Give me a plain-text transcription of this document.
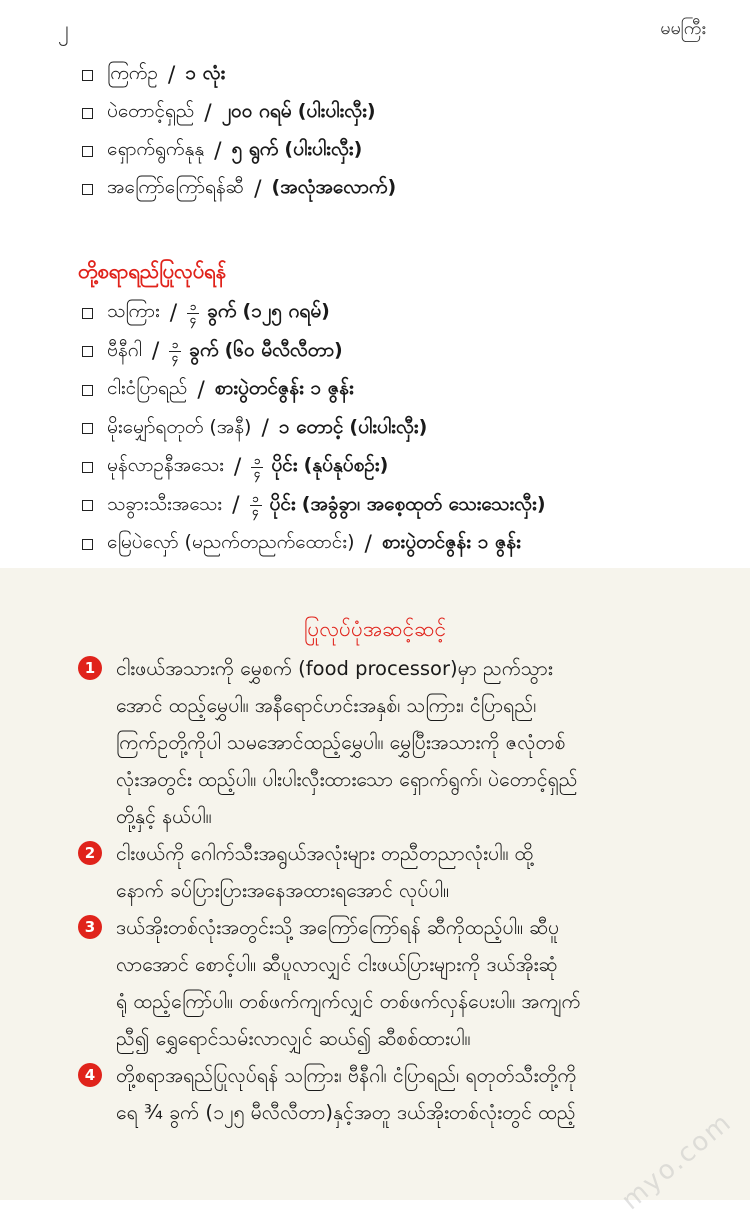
၂	မမကြီး
ကြက်ဥ / ၁ လုံး
ပဲတောင့်ရှည် / ၂၀၀ ဂရမ်
(ပါးပါးလှီး)
ရှောက်ရွက်နုနု / ၅ ရွက်
(ပါးပါးလှီး)
အကြော်ကြော်ရန်ဆီ / (အလုံအလောက်)
တို့စရာရည်ပြုလုပ်ရန်
သကြား / $\frac{၁}{၄}$ ခွက်
(၁၂၅ ဂရမ်)
ဗီနီဂါ / $\frac{၁}{၄}$ ခွက်
(၆၀ မီလီလီတာ)
ငါးငံပြာရည် / စားပွဲတင်ဇွန်း ၁ ဇွန်း
မိုးမျှော်ရတုတ် (အနီ) / ၁ တောင့်
(ပါးပါးလှီး)
မုန်လာဥနီအသေး / $\frac{၁}{၄}$ ပိုင်း
(နုပ်နုပ်စဉ်း)
သခွားသီးအသေး / $\frac{၁}{၄}$ ပိုင်း
(အခွံခွာ၊ အစေ့ထုတ် သေးသေးလှီး)
မြေပဲလှော် (မညက်တညက်ထောင်း) / စားပွဲတင်ဇွန်း ၁ ဇွန်း
ပြုလုပ်ပုံအဆင့်ဆင့်
1	ငါးဖယ်အသားကို မွှေစက် (food processor)မှာ ညက်သွား
အောင် ထည့်မွှေပါ။ အနီရောင်ဟင်းအနှစ်၊ သကြား၊ ငံပြာရည်၊
ကြက်ဥတို့ကိုပါ သမအောင်ထည့်မွှေပါ။ မွှေပြီးအသားကို ဇလုံတစ်
လုံးအတွင်း ထည့်ပါ။ ပါးပါးလှီးထားသော ရှောက်ရွက်၊ ပဲတောင့်ရှည်
တို့နှင့် နယ်ပါ။
2	ငါးဖယ်ကို ဂေါက်သီးအရွယ်အလုံးများ တညီတညာလုံးပါ။ ထို့
နောက် ခပ်ပြားပြားအနေအထားရအောင် လုပ်ပါ။
3	ဒယ်အိုးတစ်လုံးအတွင်းသို့ အကြော်ကြော်ရန် ဆီကိုထည့်ပါ။ ဆီပူ
လာအောင် စောင့်ပါ။ ဆီပူလာလျှင် ငါးဖယ်ပြားများကို ဒယ်အိုးဆုံ
ရုံ ထည့်ကြော်ပါ။ တစ်ဖက်ကျက်လျှင် တစ်ဖက်လှန်ပေးပါ။ အကျက်
ညီ၍ ရွှေရောင်သမ်းလာလျှင် ဆယ်၍ ဆီစစ်ထားပါ။
4	တို့စရာအရည်ပြုလုပ်ရန် သကြား၊ ဗီနီဂါ၊ ငံပြာရည်၊ ရတုတ်သီးတို့ကို
ရေ ¾ ခွက် (၁၂၅ မီလီလီတာ)နှင့်အတူ ဒယ်အိုးတစ်လုံးတွင် ထည့်	myo.com
